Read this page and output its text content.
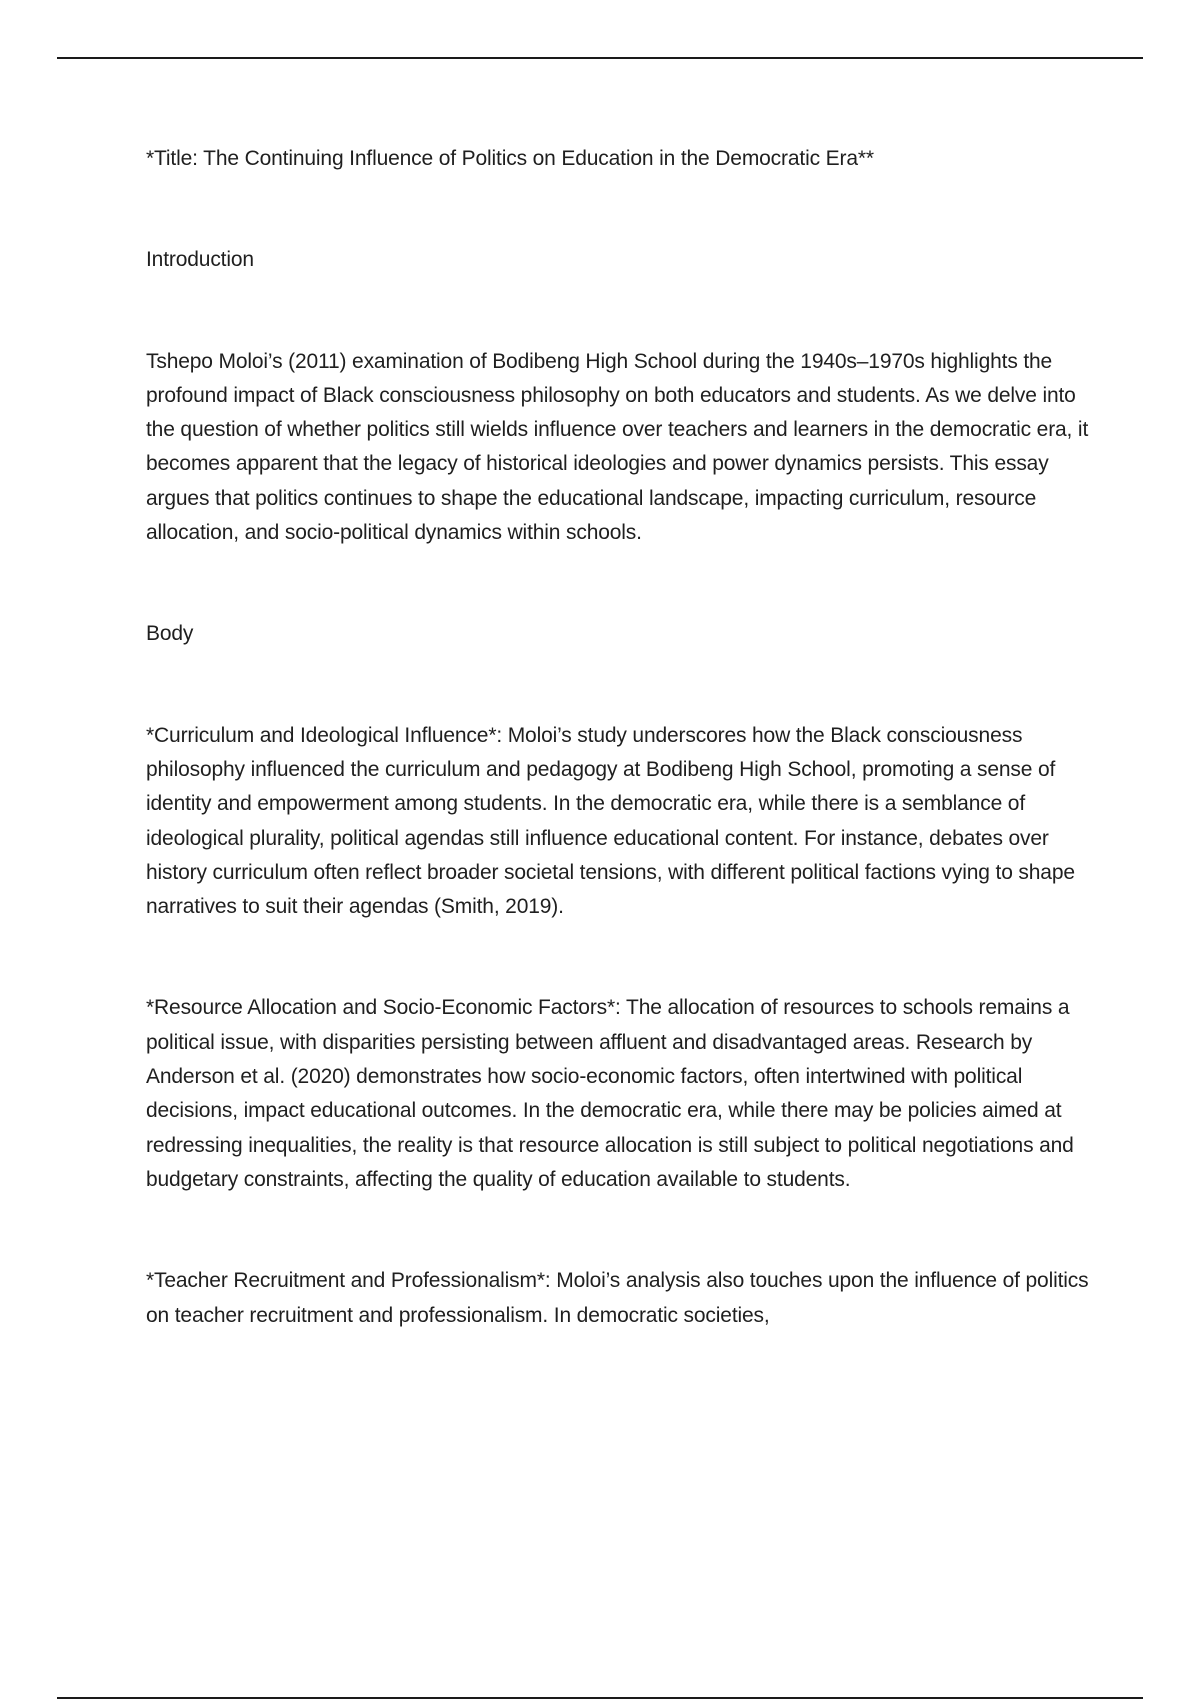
*Title: The Continuing Influence of Politics on Education in the Democratic Era**

Introduction

Tshepo Moloi’s (2011) examination of Bodibeng High School during the 1940s–1970s highlights the profound impact of Black consciousness philosophy on both educators and students. As we delve into the question of whether politics still wields influence over teachers and learners in the democratic era, it becomes apparent that the legacy of historical ideologies and power dynamics persists. This essay argues that politics continues to shape the educational landscape, impacting curriculum, resource allocation, and socio-political dynamics within schools.

Body

*Curriculum and Ideological Influence*: Moloi’s study underscores how the Black consciousness philosophy influenced the curriculum and pedagogy at Bodibeng High School, promoting a sense of identity and empowerment among students. In the democratic era, while there is a semblance of ideological plurality, political agendas still influence educational content. For instance, debates over history curriculum often reflect broader societal tensions, with different political factions vying to shape narratives to suit their agendas (Smith, 2019).

*Resource Allocation and Socio-Economic Factors*: The allocation of resources to schools remains a political issue, with disparities persisting between affluent and disadvantaged areas. Research by Anderson et al. (2020) demonstrates how socio-economic factors, often intertwined with political decisions, impact educational outcomes. In the democratic era, while there may be policies aimed at redressing inequalities, the reality is that resource allocation is still subject to political negotiations and budgetary constraints, affecting the quality of education available to students.

*Teacher Recruitment and Professionalism*: Moloi’s analysis also touches upon the influence of politics on teacher recruitment and professionalism. In democratic societies,
